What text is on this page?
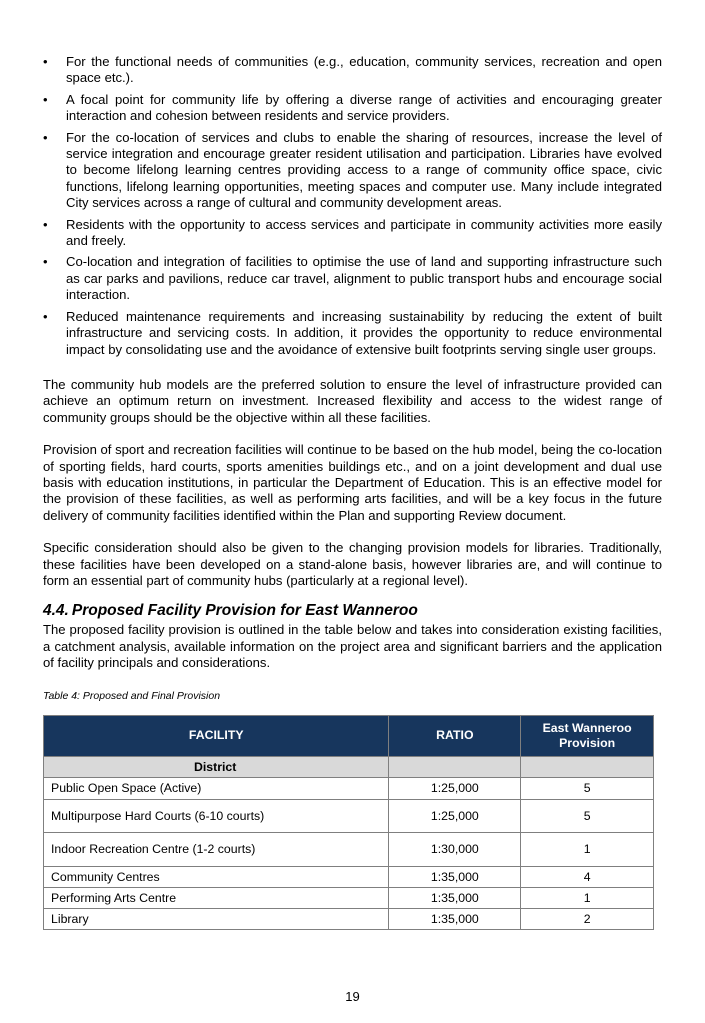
• For the functional needs of communities (e.g., education, community services, recreation and open space etc.).
• A focal point for community life by offering a diverse range of activities and encouraging greater interaction and cohesion between residents and service providers.
• For the co-location of services and clubs to enable the sharing of resources, increase the level of service integration and encourage greater resident utilisation and participation. Libraries have evolved to become lifelong learning centres providing access to a range of community office space, civic functions, lifelong learning opportunities, meeting spaces and computer use. Many include integrated City services across a range of cultural and community development areas.
• Residents with the opportunity to access services and participate in community activities more easily and freely.
• Co-location and integration of facilities to optimise the use of land and supporting infrastructure such as car parks and pavilions, reduce car travel, alignment to public transport hubs and encourage social interaction.
• Reduced maintenance requirements and increasing sustainability by reducing the extent of built infrastructure and servicing costs. In addition, it provides the opportunity to reduce environmental impact by consolidating use and the avoidance of extensive built footprints serving single user groups.

The community hub models are the preferred solution to ensure the level of infrastructure provided can achieve an optimum return on investment. Increased flexibility and access to the widest range of community groups should be the objective within all these facilities.

Provision of sport and recreation facilities will continue to be based on the hub model, being the co-location of sporting fields, hard courts, sports amenities buildings etc., and on a joint development and dual use basis with education institutions, in particular the Department of Education. This is an effective model for the provision of these facilities, as well as performing arts facilities, and will be a key focus in the future delivery of community facilities identified within the Plan and supporting Review document.

Specific consideration should also be given to the changing provision models for libraries. Traditionally, these facilities have been developed on a stand-alone basis, however libraries are, and will continue to form an essential part of community hubs (particularly at a regional level).

4.4. Proposed Facility Provision for East Wanneroo

The proposed facility provision is outlined in the table below and takes into consideration existing facilities, a catchment analysis, available information on the project area and significant barriers and the application of facility principals and considerations.

Table 4: Proposed and Final Provision
FACILITY	RATIO	East Wanneroo Provision
District		
Public Open Space (Active)	1:25,000	5
Multipurpose Hard Courts (6-10 courts)	1:25,000	5
Indoor Recreation Centre (1-2 courts)	1:30,000	1
Community Centres	1:35,000	4
Performing Arts Centre	1:35,000	1
Library	1:35,000	2
19
